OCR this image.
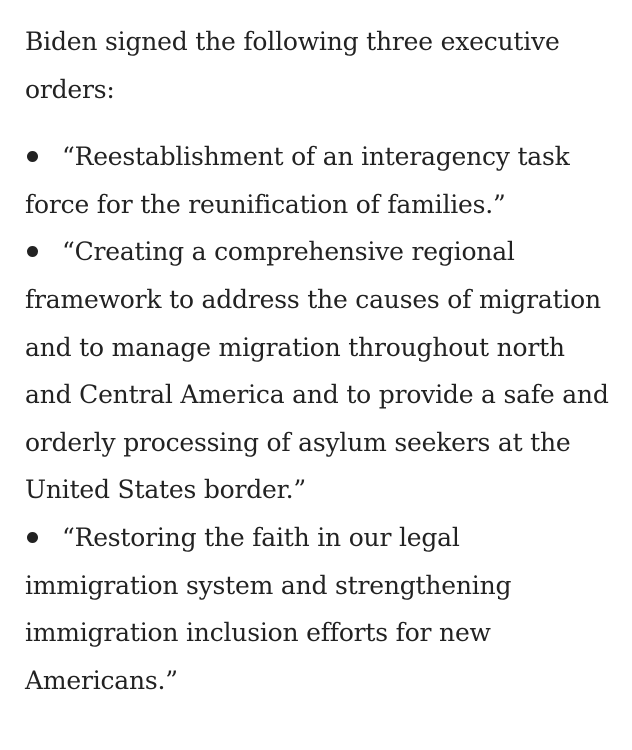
Biden signed the following three executive orders:

“Reestablishment of an interagency task force for the reunification of families.”
“Creating a comprehensive regional framework to address the causes of migration and to manage migration throughout north and Central America and to provide a safe and orderly processing of asylum seekers at the United States border.”
“Restoring the faith in our legal immigration system and strengthening immigration inclusion efforts for new Americans.”
